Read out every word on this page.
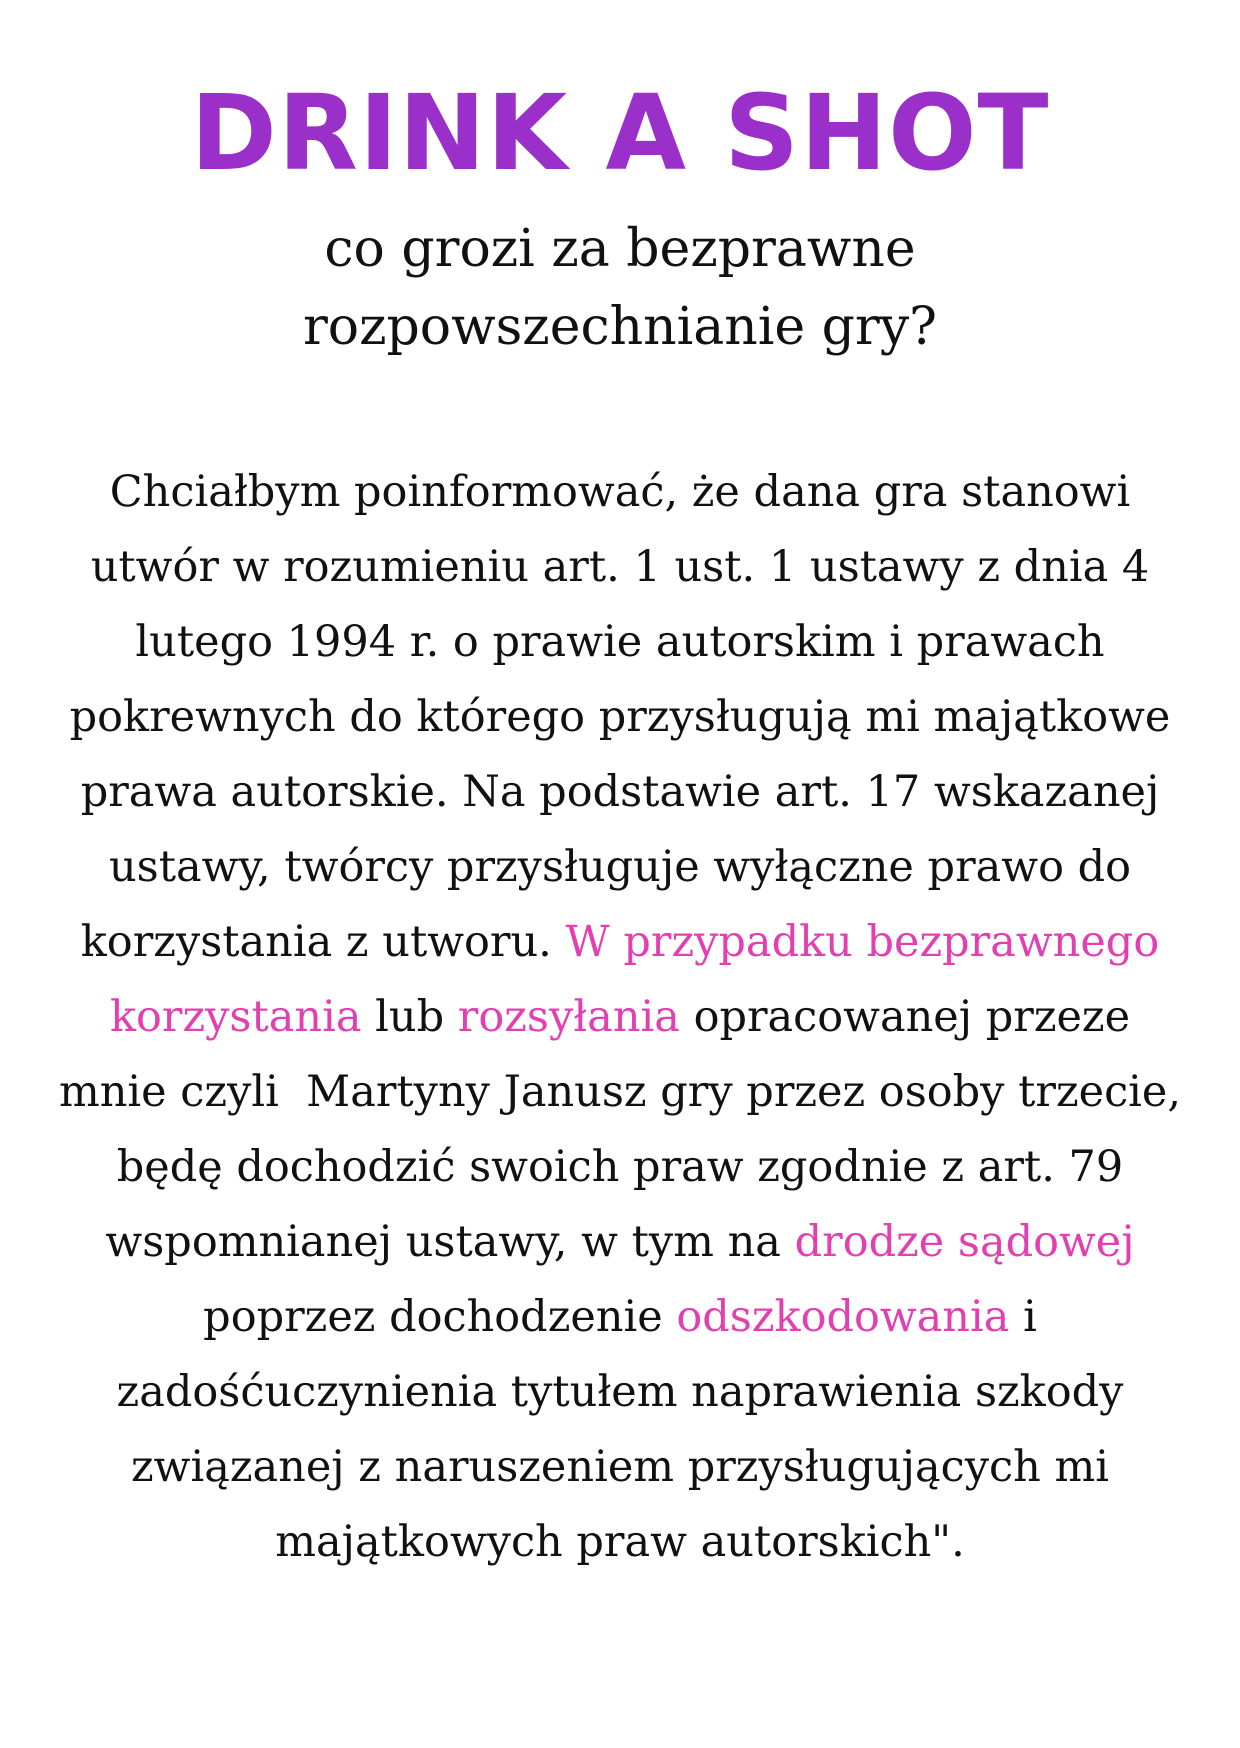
DRINK A SHOT

co grozi za bezprawne
rozpowszechnianie gry?

Chciałbym poinformować, że dana gra stanowi
utwór w rozumieniu art. 1 ust. 1 ustawy z dnia 4
lutego 1994 r. o prawie autorskim i prawach
pokrewnych do którego przysługują mi majątkowe
prawa autorskie. Na podstawie art. 17 wskazanej
ustawy, twórcy przysługuje wyłączne prawo do
korzystania z utworu. W przypadku bezprawnego
korzystania lub rozsyłania opracowanej przeze
mnie czyli  Martyny Janusz gry przez osoby trzecie,
będę dochodzić swoich praw zgodnie z art. 79
wspomnianej ustawy, w tym na drodze sądowej
poprzez dochodzenie odszkodowania i
zadośćuczynienia tytułem naprawienia szkody
związanej z naruszeniem przysługujących mi
majątkowych praw autorskich".
